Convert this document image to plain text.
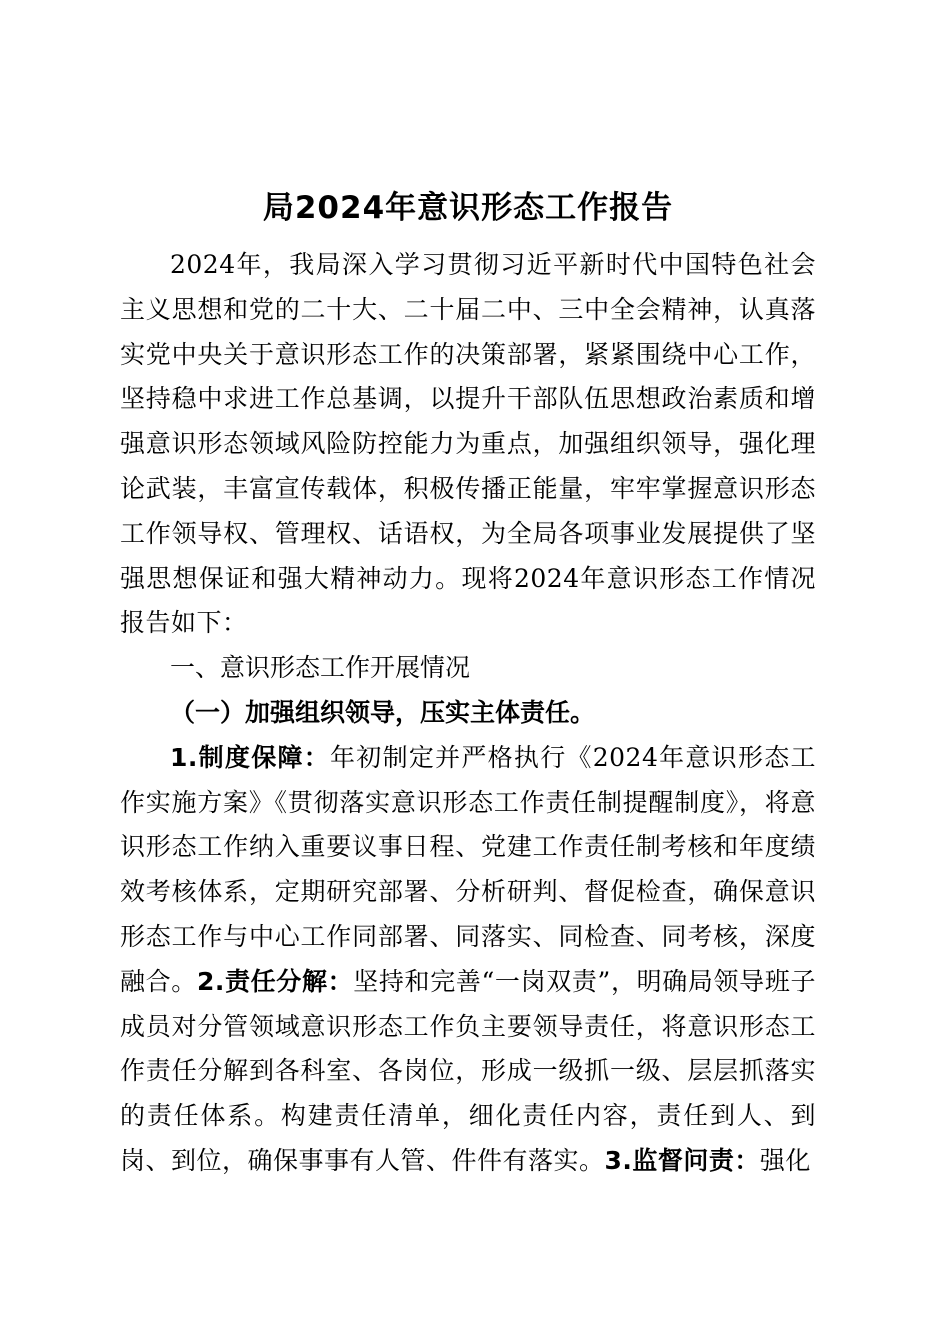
局2024年意识形态工作报告

2024年，我局深入学习贯彻习近平新时代中国特色社会主义思想和党的二十大、二十届二中、三中全会精神，认真落实党中央关于意识形态工作的决策部署，紧紧围绕中心工作，坚持稳中求进工作总基调，以提升干部队伍思想政治素质和增强意识形态领域风险防控能力为重点，加强组织领导，强化理论武装，丰富宣传载体，积极传播正能量，牢牢掌握意识形态工作领导权、管理权、话语权，为全局各项事业发展提供了坚强思想保证和强大精神动力。现将2024年意识形态工作情况报告如下：

一、意识形态工作开展情况

（一）加强组织领导，压实主体责任。

1.制度保障：年初制定并严格执行《2024年意识形态工作实施方案》《贯彻落实意识形态工作责任制提醒制度》，将意识形态工作纳入重要议事日程、党建工作责任制考核和年度绩效考核体系，定期研究部署、分析研判、督促检查，确保意识形态工作与中心工作同部署、同落实、同检查、同考核，深度融合。2.责任分解：坚持和完善“一岗双责”，明确局领导班子成员对分管领域意识形态工作负主要领导责任，将意识形态工作责任分解到各科室、各岗位，形成一级抓一级、层层抓落实的责任体系。构建责任清单，细化责任内容，责任到人、到岗、到位，确保事事有人管、件件有落实。3.监督问责：强化
